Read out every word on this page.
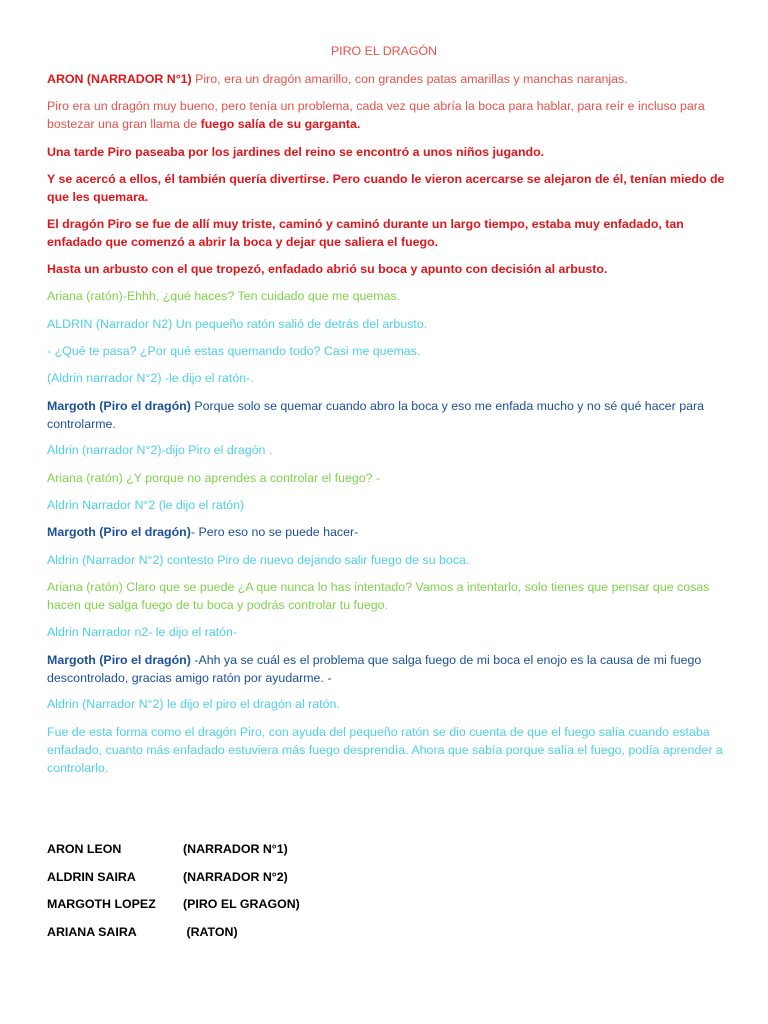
PIRO EL DRAGÓN

ARON (NARRADOR N°1) Piro, era un dragón amarillo, con grandes patas amarillas y manchas naranjas.

Piro era un dragón muy bueno, pero tenía un problema, cada vez que abría la boca para hablar, para reír e incluso para bostezar una gran llama de fuego salía de su garganta.

Una tarde Piro paseaba por los jardines del reino se encontró a unos niños jugando.

Y se acercó a ellos, él también quería divertirse. Pero cuando le vieron acercarse se alejaron de él, tenían miedo de que les quemara.

El dragón Piro se fue de allí muy triste, caminó y caminó durante un largo tiempo, estaba muy enfadado, tan enfadado que comenzó a abrir la boca y dejar que saliera el fuego.

Hasta un arbusto con el que tropezó, enfadado abrió su boca y apunto con decisión al arbusto.

Ariana (ratón)-Ehhh, ¿qué haces? Ten cuidado que me quemas.

ALDRIN (Narrador N2) Un pequeño ratón salió de detrás del arbusto.

- ¿Qué te pasa? ¿Por qué estas quemando todo? Casi me quemas.

(Aldrin narrador N°2) -le dijo el ratón-.

Margoth (Piro el dragón) Porque solo se quemar cuando abro la boca y eso me enfada mucho y no sé qué hacer para controlarme.

Aldrin (narrador N°2)-dijo Piro el dragón .

Ariana (ratón) ¿Y porque no aprendes a controlar el fuego? -

Aldrin Narrador N°2 (le dijo el ratón)

Margoth (Piro el dragón)- Pero eso no se puede hacer-

Aldrin (Narrador N°2) contesto Piro de nuevo dejando salir fuego de su boca.

Ariana (ratón) Claro que se puede ¿A que nunca lo has intentado? Vamos a intentarlo, solo tienes que pensar que cosas hacen que salga fuego de tu boca y podrás controlar tu fuego.

Aldrin Narrador n2- le dijo el ratón-

Margoth (Piro el dragón) -Ahh ya se cuál es el problema que salga fuego de mi boca el enojo es la causa de mi fuego descontrolado, gracias amigo ratón por ayudarme. -

Aldrin (Narrador N°2) le dijo el piro el dragón al ratón.

Fue de esta forma como el dragón Piro, con ayuda del pequeño ratón se dio cuenta de que el fuego salía cuando estaba enfadado, cuanto más enfadado estuviera más fuego desprendía. Ahora que sabía porque salía el fuego, podía aprender a controlarlo.

ARON LEON	(NARRADOR N°1)
ALDRIN SAIRA	(NARRADOR N°2)
MARGOTH LOPEZ (PIRO EL GRAGON)
ARIANA SAIRA	(RATON)
